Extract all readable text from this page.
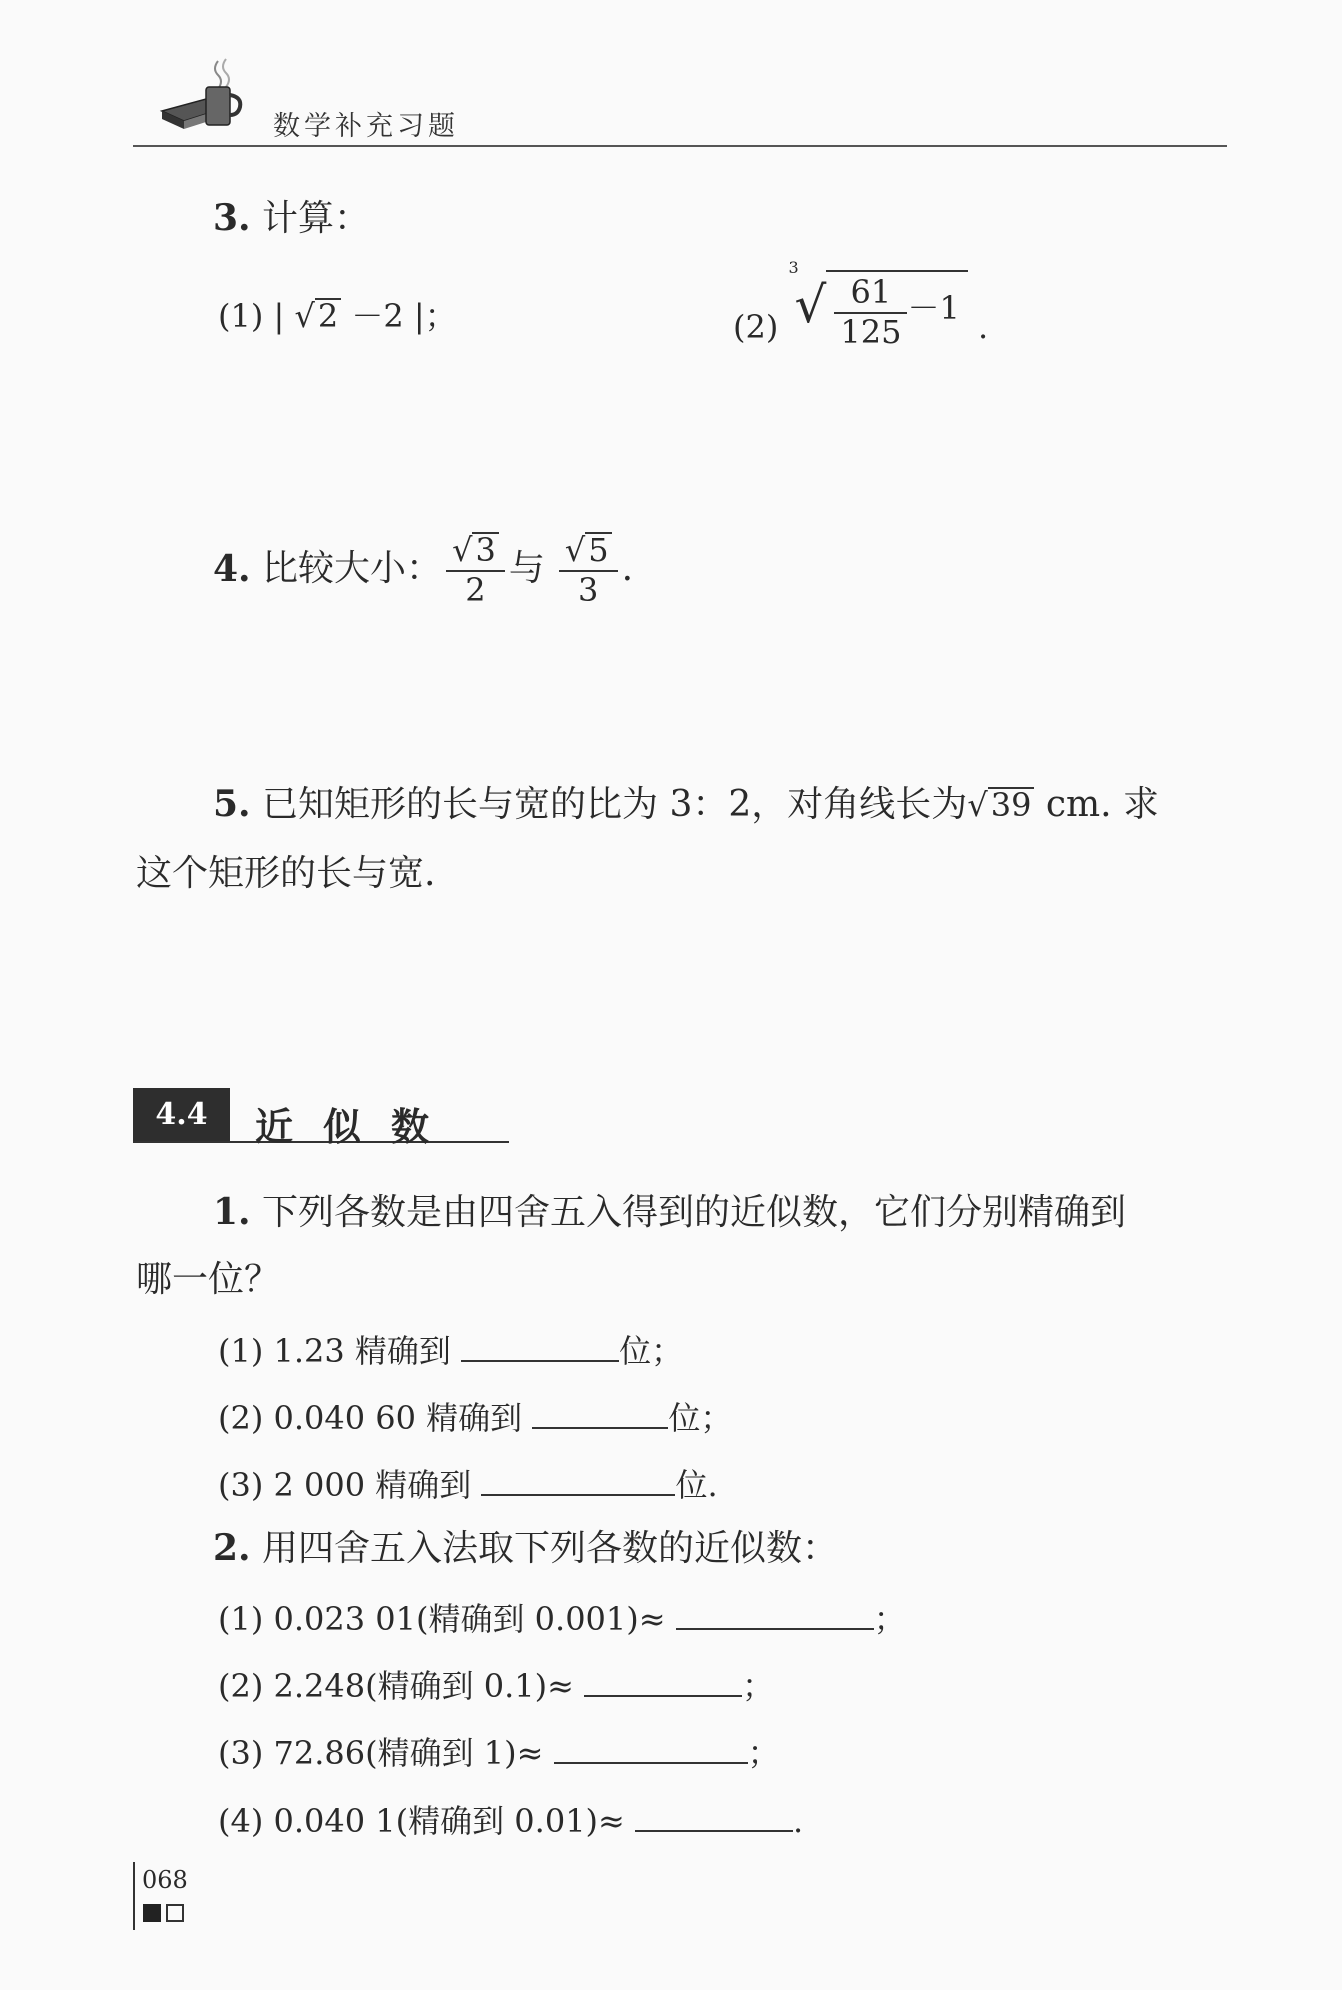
数学补充习题
3. 计算：
(1) | √2 －2 |；	(2)
3
√ $\frac{61}{125} -1$ .
4. 比较大小： $\frac{√3}{2}$ 与 $\frac{√5}{3}$ .
5. 已知矩形的长与宽的比为 3：2，对角线长为√39 cm. 求
这个矩形的长与宽.
4.4	近似数
1. 下列各数是由四舍五入得到的近似数，它们分别精确到
哪一位？
(1) 1.23 精确到	位；
(2) 0.040 60 精确到	位；
(3) 2 000 精确到	位.
2. 用四舍五入法取下列各数的近似数：
(1) 0.023 01(精确到 0.001)≈	；
(2) 2.248(精确到 0.1)≈	；
(3) 72.86(精确到 1)≈	；
(4) 0.040 1(精确到 0.01)≈	.
068
